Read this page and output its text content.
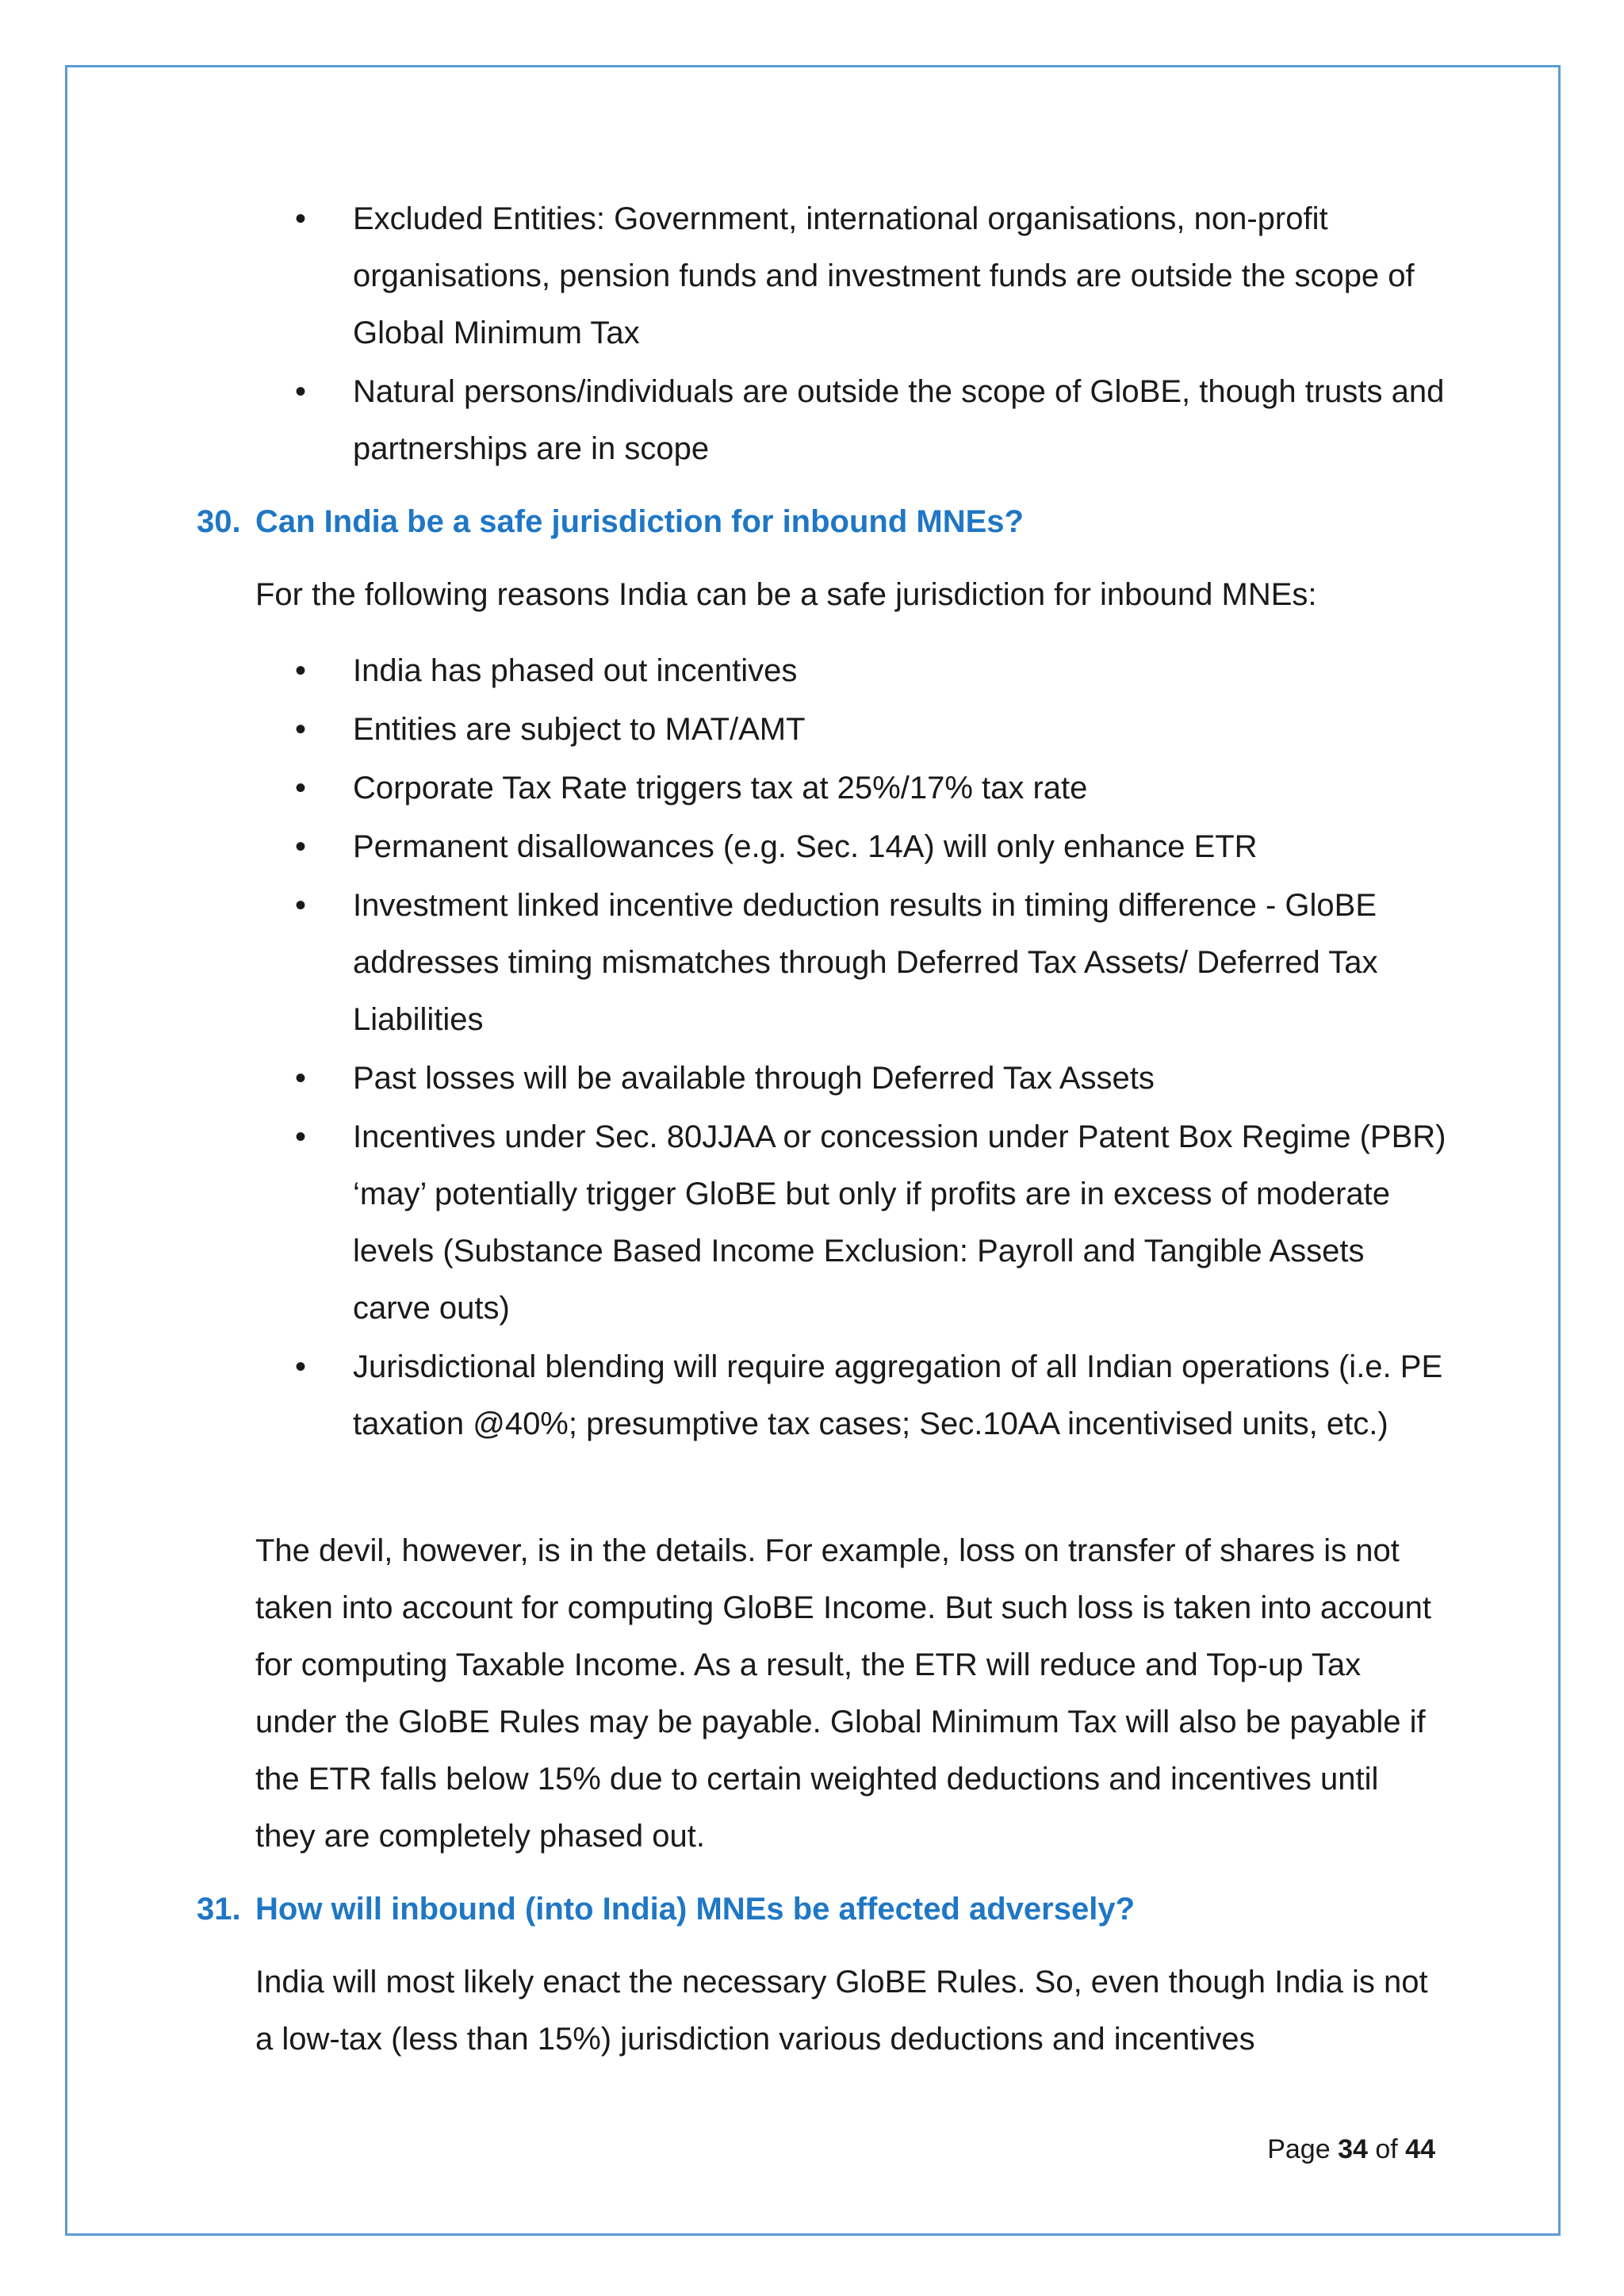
• Excluded Entities: Government, international organisations, non-profit organisations, pension funds and investment funds are outside the scope of Global Minimum Tax
• Natural persons/individuals are outside the scope of GloBE, though trusts and partnerships are in scope
30. Can India be a safe jurisdiction for inbound MNEs?

For the following reasons India can be a safe jurisdiction for inbound MNEs:

• India has phased out incentives
• Entities are subject to MAT/AMT
• Corporate Tax Rate triggers tax at 25%/17% tax rate
• Permanent disallowances (e.g. Sec. 14A) will only enhance ETR
• Investment linked incentive deduction results in timing difference - GloBE addresses timing mismatches through Deferred Tax Assets/ Deferred Tax Liabilities
• Past losses will be available through Deferred Tax Assets
• Incentives under Sec. 80JJAA or concession under Patent Box Regime (PBR) ‘may’ potentially trigger GloBE but only if profits are in excess of moderate levels (Substance Based Income Exclusion: Payroll and Tangible Assets carve outs)
• Jurisdictional blending will require aggregation of all Indian operations (i.e. PE taxation @40%; presumptive tax cases; Sec.10AA incentivised units, etc.)

The devil, however, is in the details. For example, loss on transfer of shares is not taken into account for computing GloBE Income. But such loss is taken into account for computing Taxable Income. As a result, the ETR will reduce and Top-up Tax under the GloBE Rules may be payable. Global Minimum Tax will also be payable if the ETR falls below 15% due to certain weighted deductions and incentives until they are completely phased out.

31. How will inbound (into India) MNEs be affected adversely?

India will most likely enact the necessary GloBE Rules. So, even though India is not a low-tax (less than 15%) jurisdiction various deductions and incentives

Page 34 of 44
